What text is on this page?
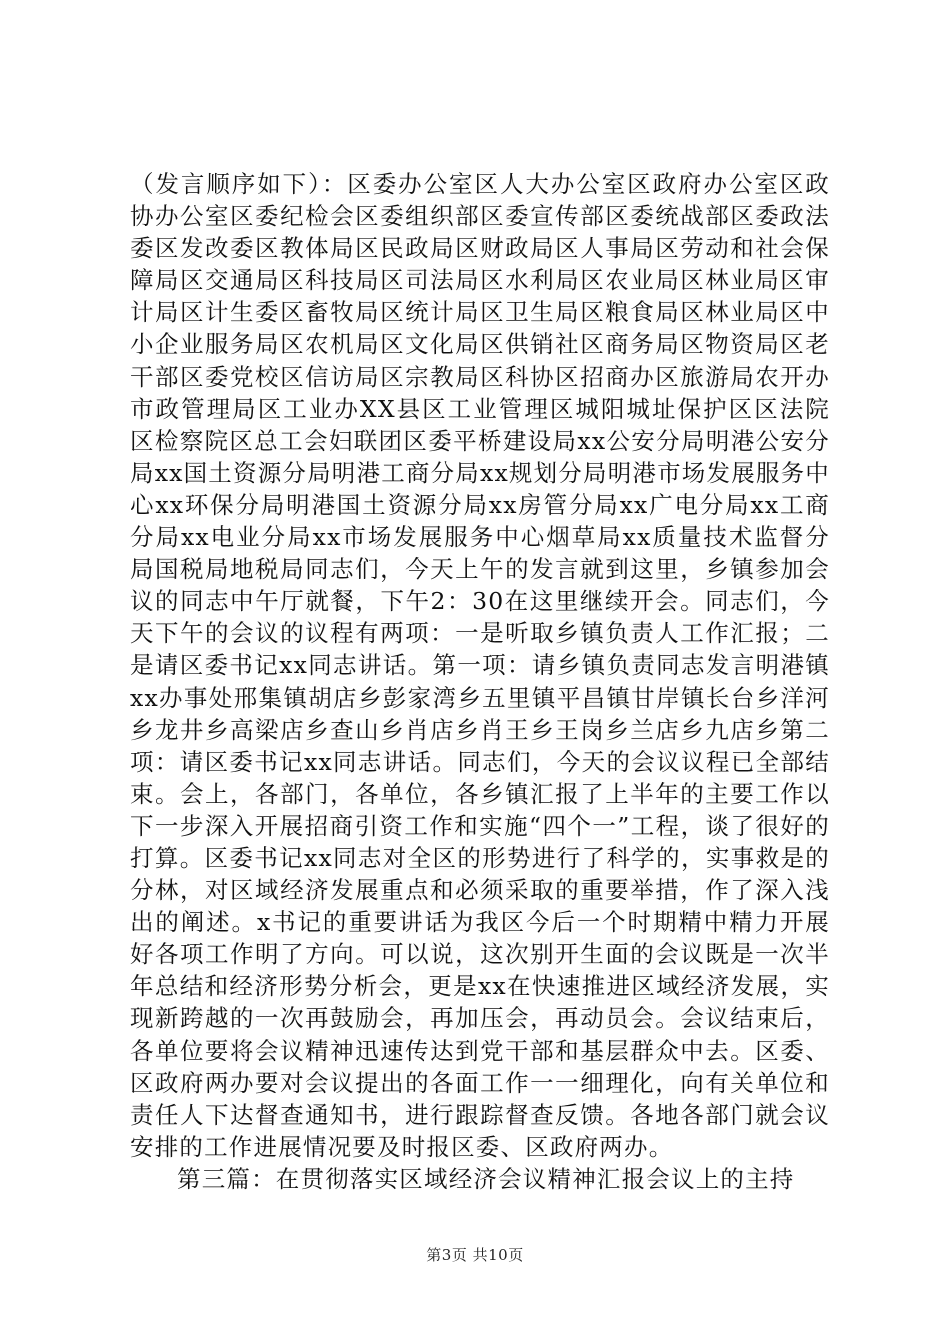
（发言顺序如下）：区委办公室区人大办公室区政府办公室区政协办公室区委纪检会区委组织部区委宣传部区委统战部区委政法委区发改委区教体局区民政局区财政局区人事局区劳动和社会保障局区交通局区科技局区司法局区水利局区农业局区林业局区审计局区计生委区畜牧局区统计局区卫生局区粮食局区林业局区中小企业服务局区农机局区文化局区供销社区商务局区物资局区老干部区委党校区信访局区宗教局区科协区招商办区旅游局农开办市政管理局区工业办XX县区工业管理区城阳城址保护区区法院区检察院区总工会妇联团区委平桥建设局xx公安分局明港公安分局xx国土资源分局明港工商分局xx规划分局明港市场发展服务中心xx环保分局明港国土资源分局xx房管分局xx广电分局xx工商分局xx电业分局xx市场发展服务中心烟草局xx质量技术监督分局国税局地税局同志们，今天上午的发言就到这里，乡镇参加会议的同志中午厅就餐，下午2：30在这里继续开会。同志们，今天下午的会议的议程有两项：一是听取乡镇负责人工作汇报；二是请区委书记xx同志讲话。第一项：请乡镇负责同志发言明港镇xx办事处邢集镇胡店乡彭家湾乡五里镇平昌镇甘岸镇长台乡洋河乡龙井乡高梁店乡查山乡肖店乡肖王乡王岗乡兰店乡九店乡第二项：请区委书记xx同志讲话。同志们，今天的会议议程已全部结束。会上，各部门，各单位，各乡镇汇报了上半年的主要工作以下一步深入开展招商引资工作和实施“四个一”工程，谈了很好的打算。区委书记xx同志对全区的形势进行了科学的，实事救是的分林，对区域经济发展重点和必须采取的重要举措，作了深入浅出的阐述。x书记的重要讲话为我区今后一个时期精中精力开展好各项工作明了方向。可以说，这次别开生面的会议既是一次半年总结和经济形势分析会，更是xx在快速推进区域经济发展，实现新跨越的一次再鼓励会，再加压会，再动员会。会议结束后，各单位要将会议精神迅速传达到党干部和基层群众中去。区委、区政府两办要对会议提出的各面工作一一细理化，向有关单位和责任人下达督查通知书，进行跟踪督查反馈。各地各部门就会议安排的工作进展情况要及时报区委、区政府两办。

第三篇：在贯彻落实区域经济会议精神汇报会议上的主持

第3页 共10页
